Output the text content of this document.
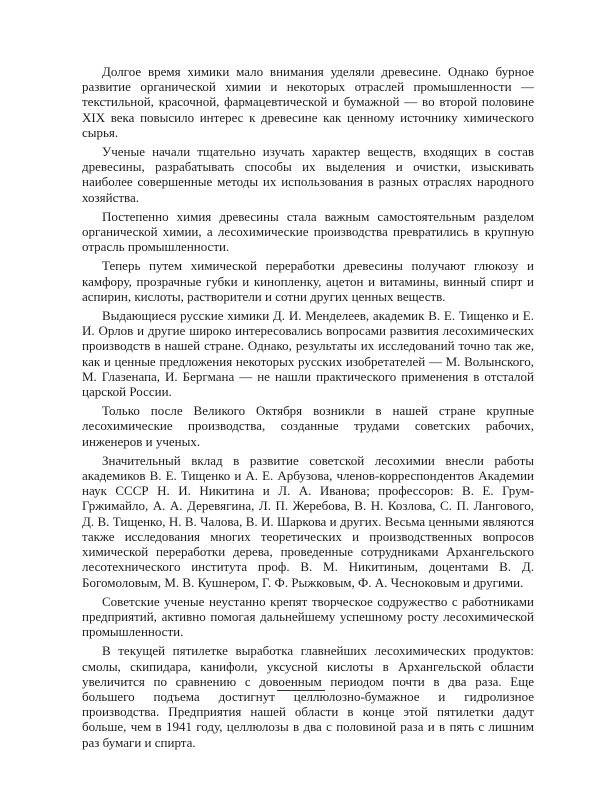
Долгое время химики мало внимания уделяли древесине. Однако бурное развитие органической химии и некоторых отраслей промышленности — текстильной, красочной, фармацевтической и бумажной — во второй половине XIX века повысило интерес к древесине как ценному источнику химического сырья.

Ученые начали тщательно изучать характер веществ, входящих в состав древесины, разрабатывать способы их выделения и очистки, изыскивать наиболее совершенные методы их использования в разных отраслях народного хозяйства.

Постепенно химия древесины стала важным самостоятельным разделом органической химии, а лесохимические производства превратились в крупную отрасль промышленности.

Теперь путем химической переработки древесины получают глюкозу и камфору, прозрачные губки и кинопленку, ацетон и витамины, винный спирт и аспирин, кислоты, растворители и сотни других ценных веществ.

Выдающиеся русские химики Д. И. Менделеев, академик В. Е. Тищенко и Е. И. Орлов и другие широко интересовались вопросами развития лесохимических производств в нашей стране. Однако, результаты их исследований точно так же, как и ценные предложения некоторых русских изобретателей — М. Волынского, М. Глазенапа, И. Бергмана — не нашли практического применения в отсталой царской России.

Только после Великого Октября возникли в нашей стране крупные лесохимические производства, созданные трудами советских рабочих, инженеров и ученых.

Значительный вклад в развитие советской лесохимии внесли работы академиков В. Е. Тищенко и А. Е. Арбузова, членов-корреспондентов Академии наук СССР Н. И. Никитина и Л. А. Иванова; профессоров: В. Е. Грум-Гржимайло, А. А. Деревягина, Л. П. Жеребова, В. Н. Козлова, С. П. Лангового, Д. В. Тищенко, Н. В. Чалова, В. И. Шаркова и других. Весьма ценными являются также исследования многих теоретических и производственных вопросов химической переработки дерева, проведенные сотрудниками Архангельского лесотехнического института проф. В. М. Никитиным, доцентами В. Д. Богомоловым, М. В. Кушнером, Г. Ф. Рыжковым, Ф. А. Чесноковым и другими.

Советские ученые неустанно крепят творческое содружество с работниками предприятий, активно помогая дальнейшему успешному росту лесохимической промышленности.

В текущей пятилетке выработка главнейших лесохимических продуктов: смолы, скипидара, канифоли, уксусной кислоты в Архангельской области увеличится по сравнению с довоенным периодом почти в два раза. Еще большего подъема достигнут целлюлозно-бумажное и гидролизное производства. Предприятия нашей области в конце этой пятилетки дадут больше, чем в 1941 году, целлюлозы в два с половиной раза и в пять с лишним раз бумаги и спирта.
